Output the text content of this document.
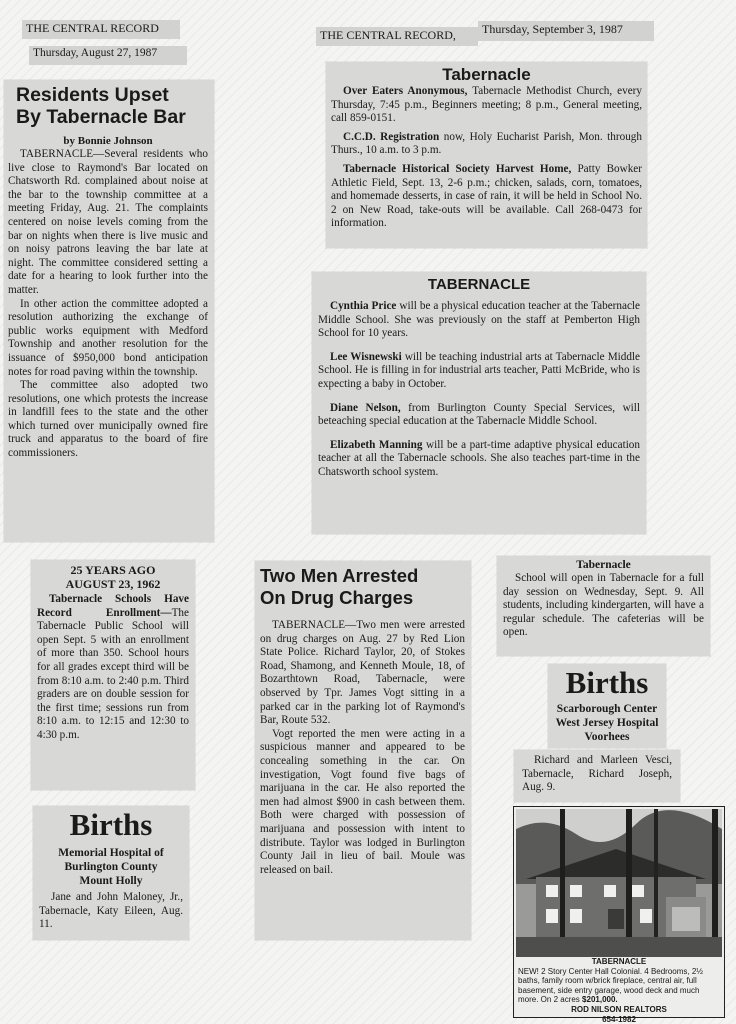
THE CENTRAL RECORD
Thursday, August 27, 1987
THE CENTRAL RECORD,	Thursday, September 3, 1987
Residents Upset
By Tabernacle Bar
by Bonnie Johnson

TABERNACLE—Several residents who live close to Raymond's Bar located on Chatsworth Rd. complained about noise at the bar to the township committee at a meeting Friday, Aug. 21. The complaints centered on noise levels coming from the bar on nights when there is live music and on noisy patrons leaving the bar late at night. The committee considered setting a date for a hearing to look further into the matter.

In other action the committee adopted a resolution authorizing the exchange of public works equipment with Medford Township and another resolution for the issuance of $950,000 bond anticipation notes for road paving within the township.

The committee also adopted two resolutions, one which protests the increase in landfill fees to the state and the other which turned over municipally owned fire truck and apparatus to the board of fire commissioners.

Tabernacle

Over Eaters Anonymous, Tabernacle Methodist Church, every Thursday, 7:45 p.m., Beginners meeting; 8 p.m., General meeting, call 859-0151.

C.C.D. Registration now, Holy Eucharist Parish, Mon. through Thurs., 10 a.m. to 3 p.m.

Tabernacle Historical Society Harvest Home, Patty Bowker Athletic Field, Sept. 13, 2-6 p.m.; chicken, salads, corn, tomatoes, and homemade desserts, in case of rain, it will be held in School No. 2 on New Road, take-outs will be available. Call 268-0473 for information.

TABERNACLE

Cynthia Price will be a physical education teacher at the Tabernacle Middle School. She was previously on the staff at Pemberton High School for 10 years.

Lee Wisnewski will be teaching industrial arts at Tabernacle Middle School. He is filling in for industrial arts teacher, Patti McBride, who is expecting a baby in October.

Diane Nelson, from Burlington County Special Services, will beteaching special education at the Tabernacle Middle School.

Elizabeth Manning will be a part-time adaptive physical education teacher at all the Tabernacle schools. She also teaches part-time in the Chatsworth school system.

25 YEARS AGO
AUGUST 23, 1962

Tabernacle Schools Have Record Enrollment—The Tabernacle Public School will open Sept. 5 with an enrollment of more than 350. School hours for all grades except third will be from 8:10 a.m. to 2:40 p.m. Third graders are on double session for the first time; sessions run from 8:10 a.m. to 12:15 and 12:30 to 4:30 p.m.

Births
Memorial Hospital of
Burlington County
Mount Holly

Jane and John Maloney, Jr., Tabernacle, Katy Eileen, Aug. 11.

Two Men Arrested
On Drug Charges

TABERNACLE—Two men were arrested on drug charges on Aug. 27 by Red Lion State Police. Richard Taylor, 20, of Stokes Road, Shamong, and Kenneth Moule, 18, of Bozarthtown Road, Tabernacle, were observed by Tpr. James Vogt sitting in a parked car in the parking lot of Raymond's Bar, Route 532.

Vogt reported the men were acting in a suspicious manner and appeared to be concealing something in the car. On investigation, Vogt found five bags of marijuana in the car. He also reported the men had almost $900 in cash between them. Both were charged with possession of marijuana and possession with intent to distribute. Taylor was lodged in Burlington County Jail in lieu of bail. Moule was released on bail.

Tabernacle

School will open in Tabernacle for a full day session on Wednesday, Sept. 9. All students, including kindergarten, will have a regular schedule. The cafeterias will be open.

Births
Scarborough Center
West Jersey Hospital
Voorhees

Richard and Marleen Vesci, Tabernacle, Richard Joseph, Aug. 9.

TABERNACLE
NEW! 2 Story Center Hall Colonial. 4 Bedrooms, 2½ baths, family room w/brick fireplace, central air, full basement, side entry garage, wood deck and much more. On 2 acres $201,000.
ROD NILSON REALTORS
654-1982
